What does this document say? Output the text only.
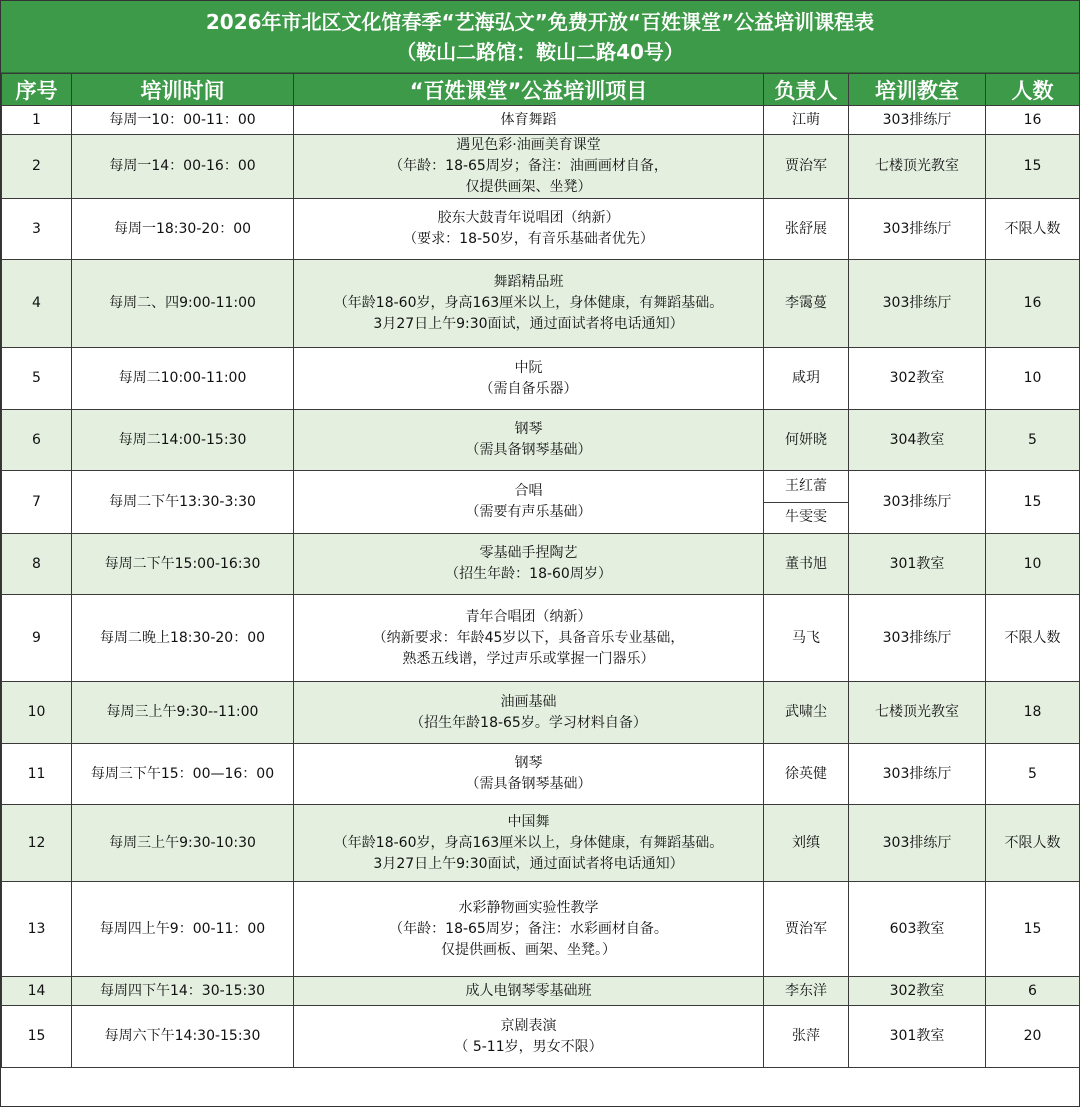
2026年市北区文化馆春季“艺海弘文”免费开放“百姓课堂”公益培训课程表
（鞍山二路馆：鞍山二路40号）
序号	培训时间	“百姓课堂”公益培训项目	负责人	培训教室	人数
1	每周一10：00-11：00	体育舞蹈	江萌	303排练厅	16
2	每周一14：00-16：00	遇见色彩·油画美育课堂
（年龄：18-65周岁；备注：油画画材自备，
仅提供画架、坐凳）	贾治军	七楼顶光教室	15
3	每周一18:30-20：00	胶东大鼓青年说唱团（纳新）
（要求：18-50岁，有音乐基础者优先）	张舒展	303排练厅	不限人数
4	每周二、四9:00-11:00	舞蹈精品班
（年龄18-60岁，身高163厘米以上，身体健康，有舞蹈基础。
3月27日上午9:30面试，通过面试者将电话通知）	李霭蔓	303排练厅	16
5	每周二10:00-11:00	中阮
（需自备乐器）	咸玥	302教室	10
6	每周二14:00-15:30	钢琴
（需具备钢琴基础）	何妍晓	304教室	5
7	每周二下午13:30-3:30	合唱
（需要有声乐基础）	王红蕾
牛雯雯	303排练厅	15
8	每周二下午15:00-16:30	零基础手捏陶艺
（招生年龄：18-60周岁）	董书旭	301教室	10
9	每周二晚上18:30-20：00	青年合唱团（纳新）
（纳新要求：年龄45岁以下，具备音乐专业基础，
熟悉五线谱，学过声乐或掌握一门器乐）	马飞	303排练厅	不限人数
10	每周三上午9:30--11:00	油画基础
（招生年龄18-65岁。学习材料自备）	武啸尘	七楼顶光教室	18
11	每周三下午15：00—16：00	钢琴
（需具备钢琴基础）	徐英健	303排练厅	5
12	每周三上午9:30-10:30	中国舞
（年龄18-60岁，身高163厘米以上，身体健康，有舞蹈基础。
3月27日上午9:30面试，通过面试者将电话通知）	刘缜	303排练厅	不限人数
13	每周四上午9：00-11：00	水彩静物画实验性教学
（年龄：18-65周岁；备注：水彩画材自备。
仅提供画板、画架、坐凳。）	贾治军	603教室	15
14	每周四下午14：30-15:30	成人电钢琴零基础班	李东洋	302教室	6
15	每周六下午14:30-15:30	京剧表演
（ 5-11岁，男女不限）	张萍	301教室	20
